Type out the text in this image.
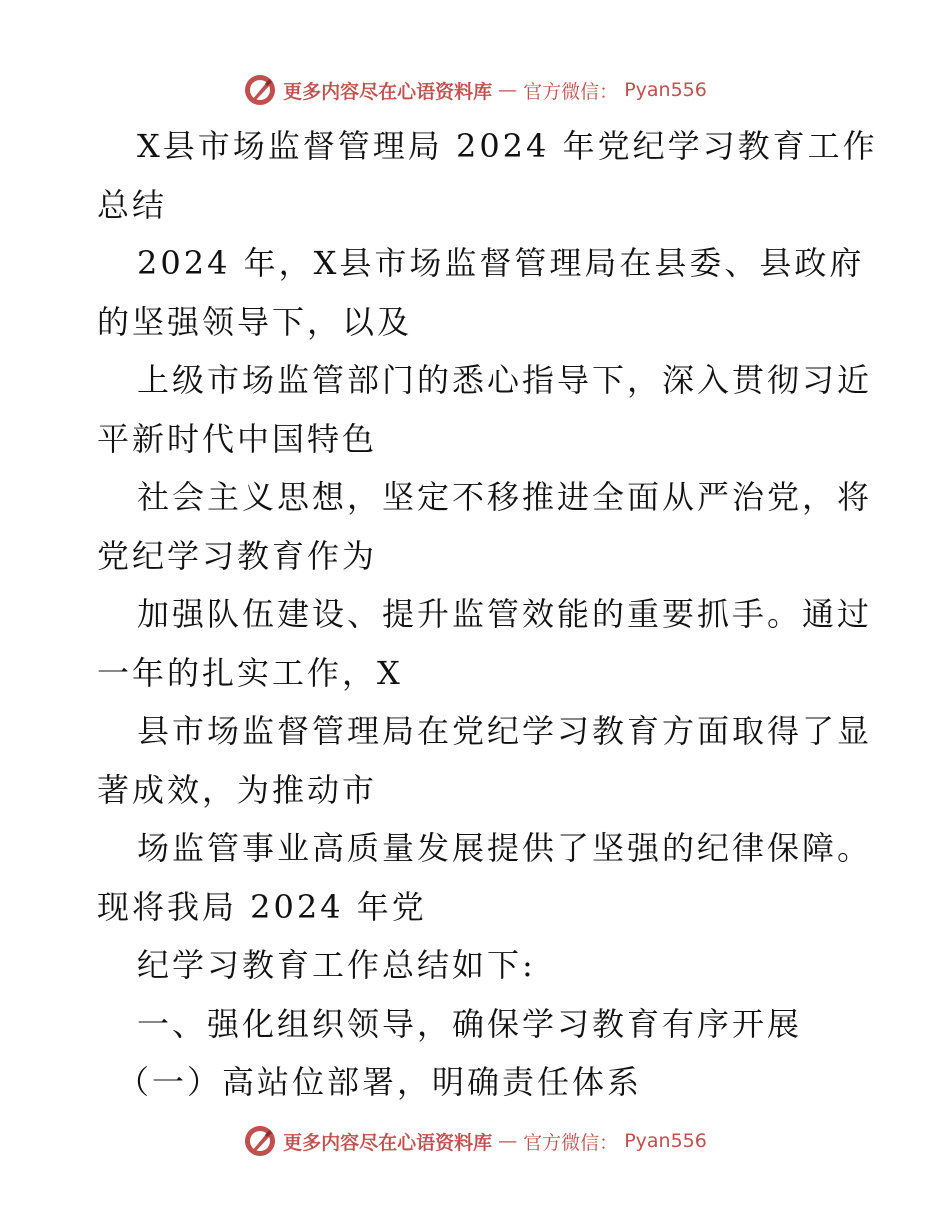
更多内容尽在心语资料库 — 官方微信： Pyan556
X县市场监督管理局 2024 年党纪学习教育工作
总结
2024 年，X县市场监督管理局在县委、县政府
的坚强领导下，以及
上级市场监管部门的悉心指导下，深入贯彻习近
平新时代中国特色
社会主义思想，坚定不移推进全面从严治党，将
党纪学习教育作为
加强队伍建设、提升监管效能的重要抓手。通过
一年的扎实工作，X
县市场监督管理局在党纪学习教育方面取得了显
著成效，为推动市
场监管事业高质量发展提供了坚强的纪律保障。
现将我局 2024 年党
纪学习教育工作总结如下:
一、强化组织领导，确保学习教育有序开展
（一）高站位部署，明确责任体系
更多内容尽在心语资料库 — 官方微信： Pyan556
